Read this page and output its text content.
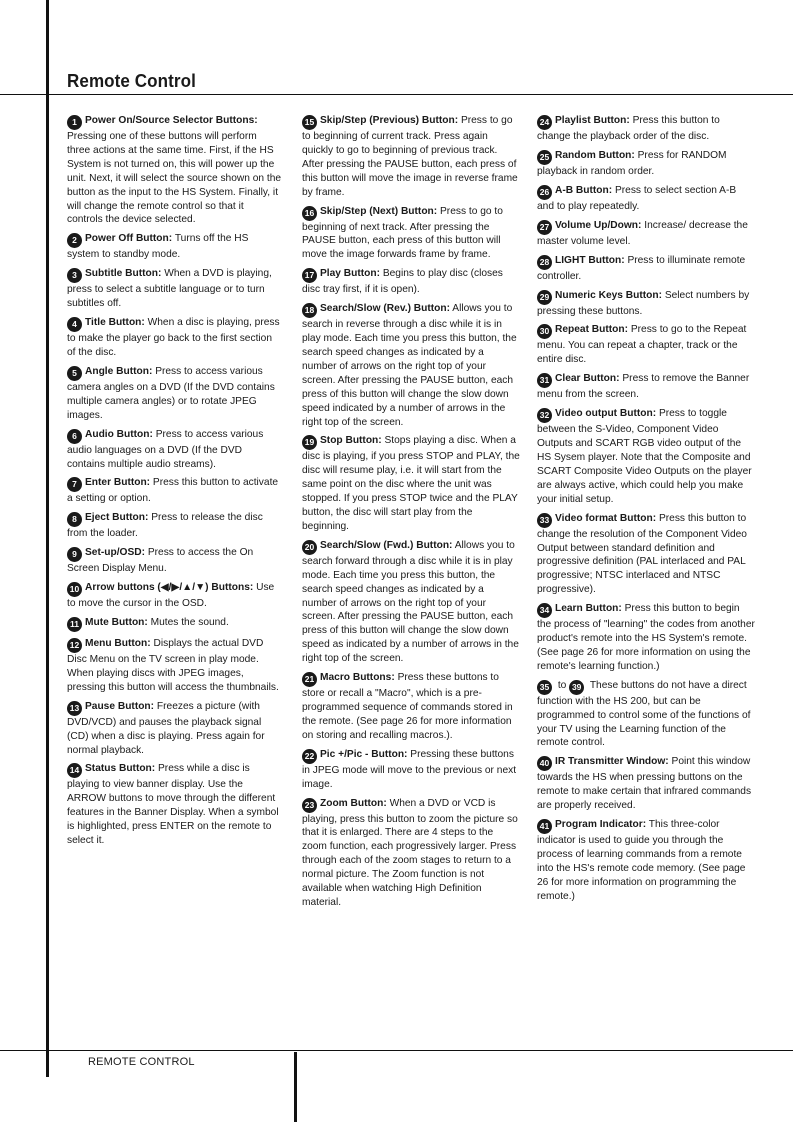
Remote Control

1 Power On/Source Selector Buttons: Pressing one of these buttons will perform three actions at the same time. First, if the HS System is not turned on, this will power up the unit. Next, it will select the source shown on the button as the input to the HS System. Finally, it will change the remote control so that it controls the device selected.

2 Power Off Button: Turns off the HS system to standby mode.

3 Subtitle Button: When a DVD is playing, press to select a subtitle language or to turn subtitles off.

4 Title Button: When a disc is playing, press to make the player go back to the first section of the disc.

5 Angle Button: Press to access various camera angles on a DVD (If the DVD contains multiple camera angles) or to rotate JPEG images.

6 Audio Button: Press to access various audio languages on a DVD (If the DVD contains multiple audio streams).

7 Enter Button: Press this button to activate a setting or option.

8 Eject Button: Press to release the disc from the loader.

9 Set-up/OSD: Press to access the On Screen Display Menu.

10 Arrow buttons (◀/▶/▲/▼) Buttons: Use to move the cursor in the OSD.

11 Mute Button: Mutes the sound.

12 Menu Button: Displays the actual DVD Disc Menu on the TV screen in play mode. When playing discs with JPEG images, pressing this button will access the thumbnails.

13 Pause Button: Freezes a picture (with DVD/VCD) and pauses the playback signal (CD) when a disc is playing. Press again for normal playback.

14 Status Button: Press while a disc is playing to view banner display. Use the ARROW buttons to move through the different features in the Banner Display. When a symbol is highlighted, press ENTER on the remote to select it.

15 Skip/Step (Previous) Button: Press to go to beginning of current track. Press again quickly to go to beginning of previous track. After pressing the PAUSE button, each press of this button will move the image in reverse frame by frame.

16 Skip/Step (Next) Button: Press to go to beginning of next track. After pressing the PAUSE button, each press of this button will move the image forwards frame by frame.

17 Play Button: Begins to play disc (closes disc tray first, if it is open).

18 Search/Slow (Rev.) Button: Allows you to search in reverse through a disc while it is in play mode. Each time you press this button, the search speed changes as indicated by a number of arrows on the right top of your screen. After pressing the PAUSE button, each press of this button will change the slow down speed indicated by a number of arrows in the right top of the screen.

19 Stop Button: Stops playing a disc. When a disc is playing, if you press STOP and PLAY, the disc will resume play, i.e. it will start from the same point on the disc where the unit was stopped. If you press STOP twice and the PLAY button, the disc will start play from the beginning.

20 Search/Slow (Fwd.) Button: Allows you to search forward through a disc while it is in play mode. Each time you press this button, the search speed changes as indicated by a number of arrows on the right top of your screen. After pressing the PAUSE button, each press of this button will change the slow down speed as indicated by a number of arrows in the right top of the screen.

21 Macro Buttons: Press these buttons to store or recall a "Macro", which is a pre-programmed sequence of commands stored in the remote. (See page 26 for more information on storing and recalling macros.).

22 Pic +/Pic - Button: Pressing these buttons in JPEG mode will move to the previous or next image.

23 Zoom Button: When a DVD or VCD is playing, press this button to zoom the picture so that it is enlarged. There are 4 steps to the zoom function, each progressively larger. Press through each of the zoom stages to return to a normal picture. The Zoom function is not available when watching High Definition material.

24 Playlist Button: Press this button to change the playback order of the disc.

25 Random Button: Press for RANDOM playback in random order.

26 A-B Button: Press to select section A-B and to play repeatedly.

27 Volume Up/Down: Increase/ decrease the master volume level.

28 LIGHT Button: Press to illuminate remote controller.

29 Numeric Keys Button: Select numbers by pressing these buttons.

30 Repeat Button: Press to go to the Repeat menu. You can repeat a chapter, track or the entire disc.

31 Clear Button: Press to remove the Banner menu from the screen.

32 Video output Button: Press to toggle between the S-Video, Component Video Outputs and SCART RGB video output of the HS Sysem player. Note that the Composite and SCART Composite Video Outputs on the player are always active, which could help you make your initial setup.

33 Video format Button: Press this button to change the resolution of the Component Video Output between standard definition and progressive definition (PAL interlaced and PAL progressive; NTSC interlaced and NTSC progressive).

34 Learn Button: Press this button to begin the process of "learning" the codes from another product's remote into the HS System's remote. (See page 26 for more information on using the remote's learning function.)

35 to 39 These buttons do not have a direct function with the HS 200, but can be programmed to control some of the functions of your TV using the Learning function of the remote control.

40 IR Transmitter Window: Point this window towards the HS when pressing buttons on the remote to make certain that infrared commands are properly received.

41 Program Indicator: This three-color indicator is used to guide you through the process of learning commands from a remote into the HS's remote code memory. (See page 26 for more information on programming the remote.)

REMOTE CONTROL
